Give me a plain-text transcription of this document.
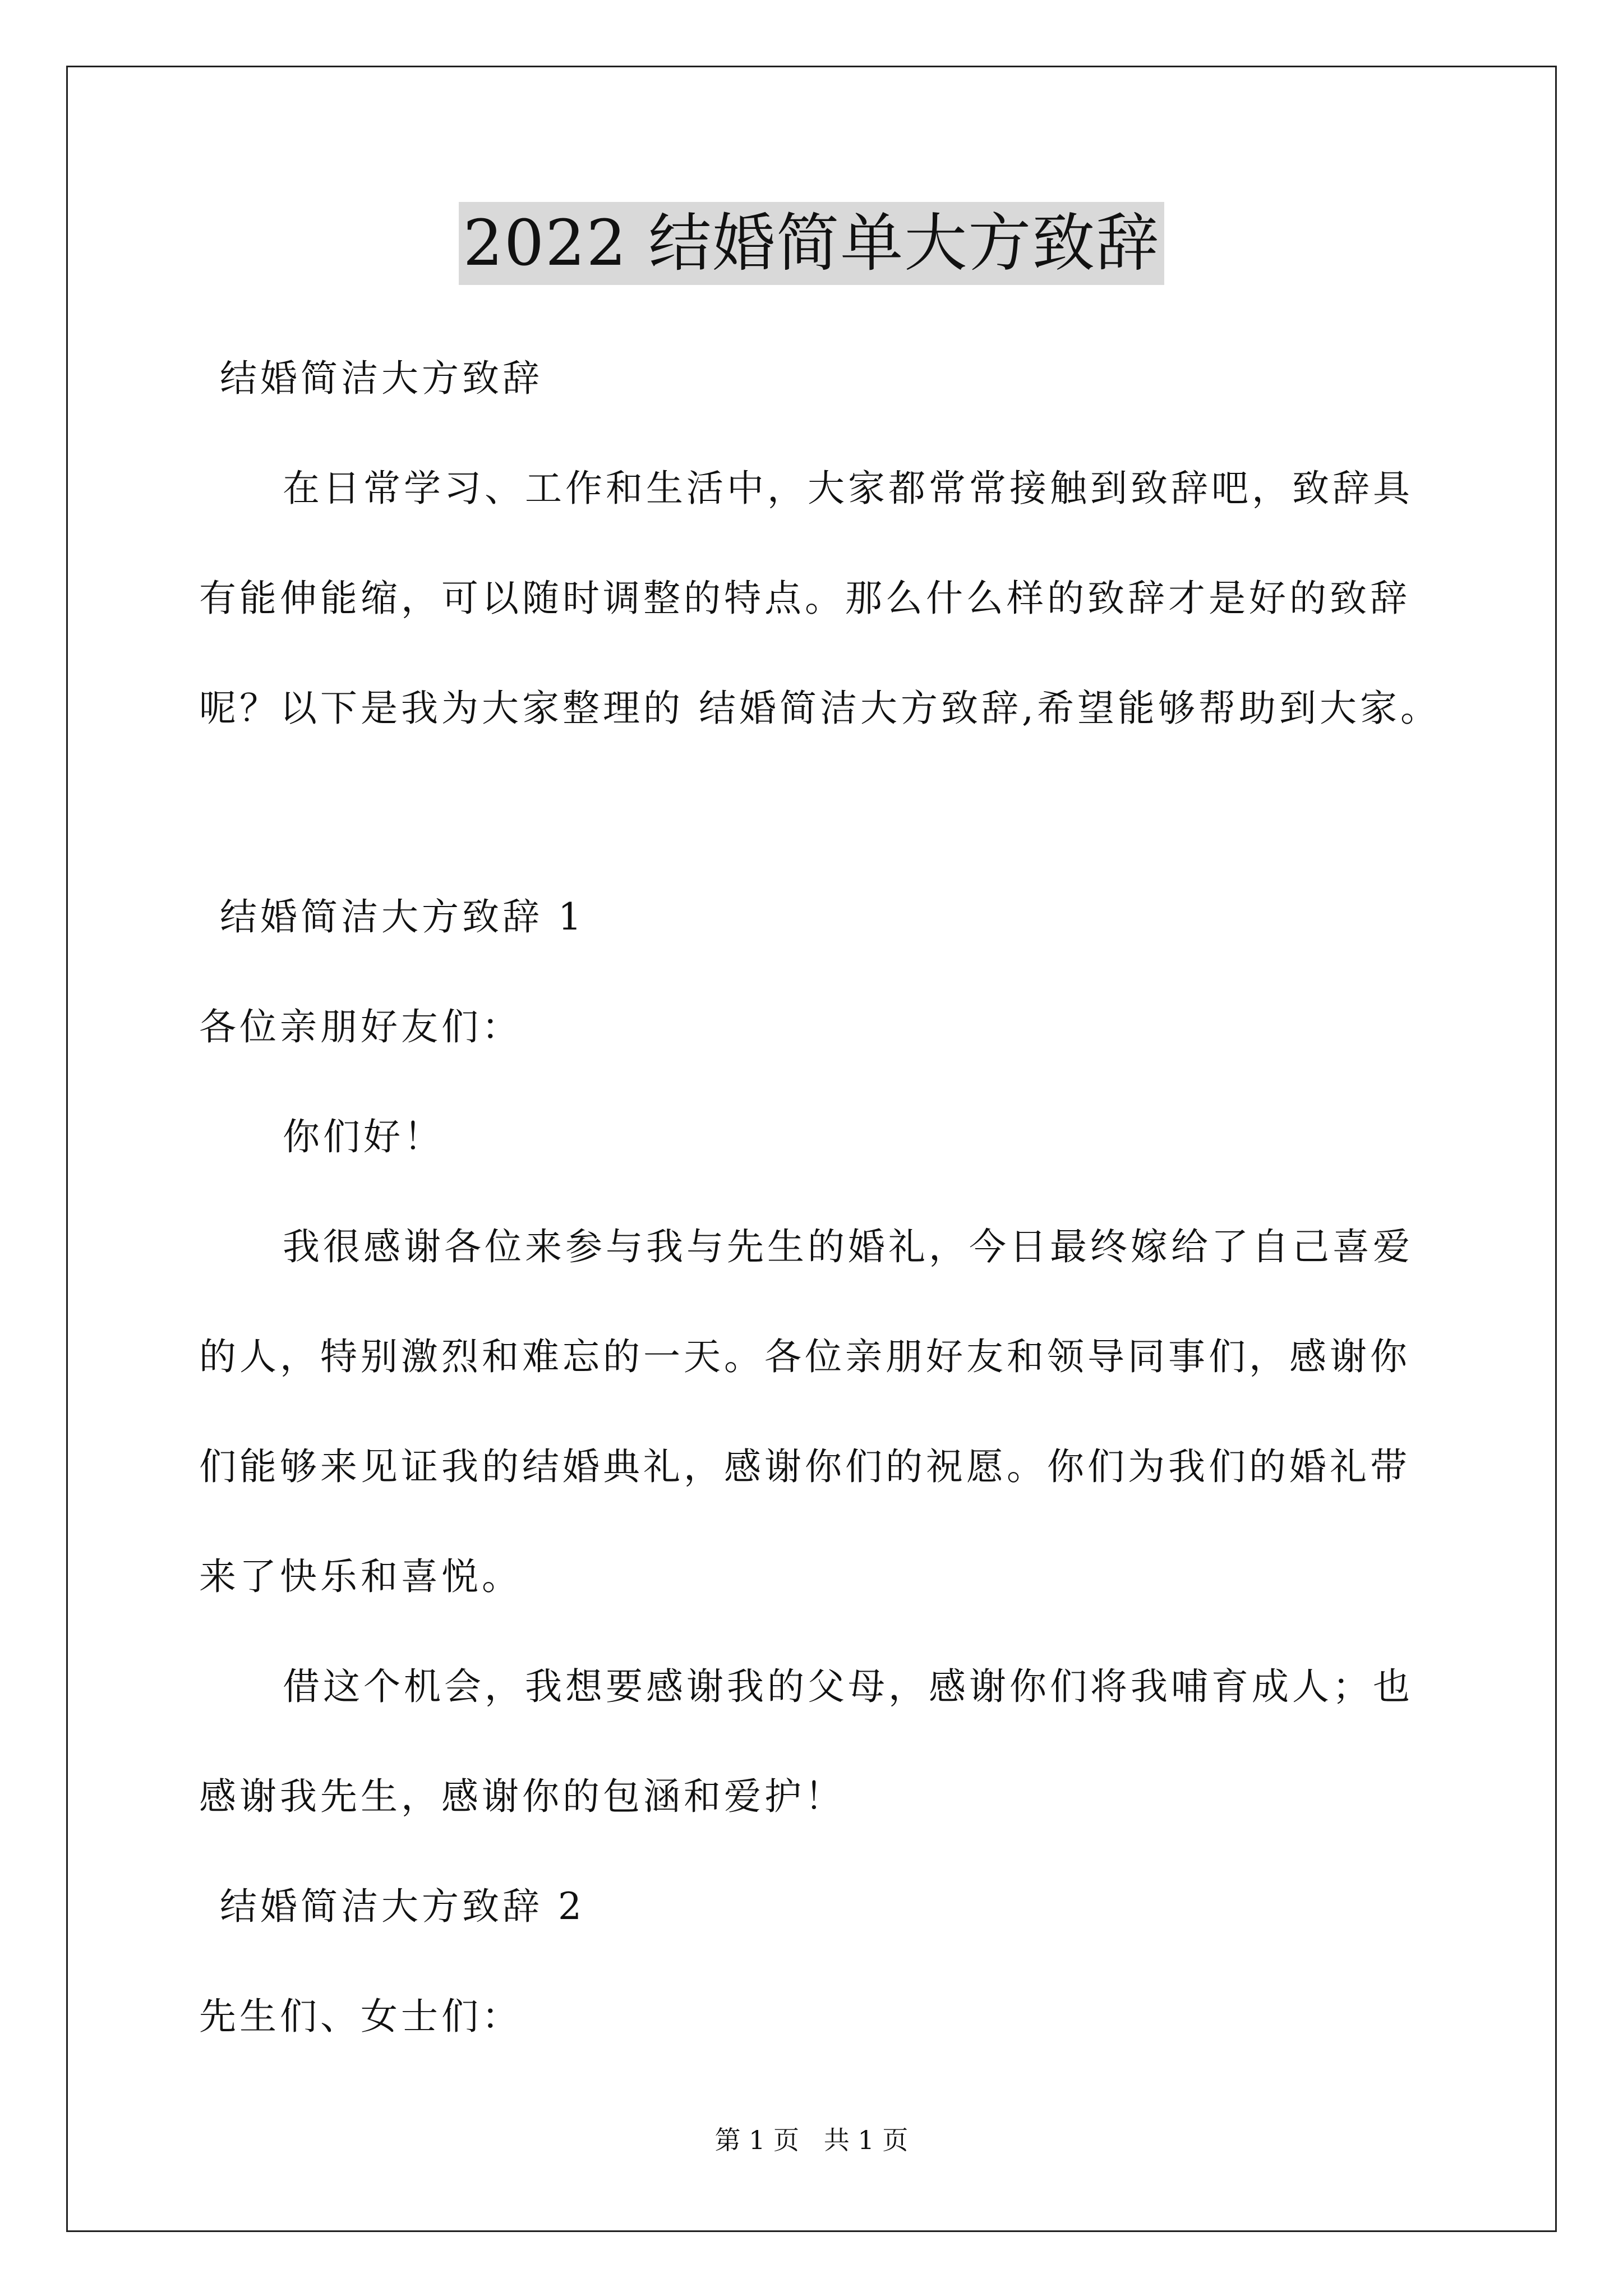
2022 结婚简单大方致辞
结婚简洁大方致辞
在日常学习、工作和生活中，大家都常常接触到致辞吧，致辞具
有能伸能缩，可以随时调整的特点。那么什么样的致辞才是好的致辞
呢？以下是我为大家整理的 结婚简洁大方致辞,希望能够帮助到大家。
结婚简洁大方致辞 1
各位亲朋好友们：
你们好！
我很感谢各位来参与我与先生的婚礼，今日最终嫁给了自己喜爱
的人，特别激烈和难忘的一天。各位亲朋好友和领导同事们，感谢你
们能够来见证我的结婚典礼，感谢你们的祝愿。你们为我们的婚礼带
来了快乐和喜悦。
借这个机会，我想要感谢我的父母，感谢你们将我哺育成人；也
感谢我先生，感谢你的包涵和爱护！
结婚简洁大方致辞 2
先生们、女士们：
第 1 页   共 1 页
